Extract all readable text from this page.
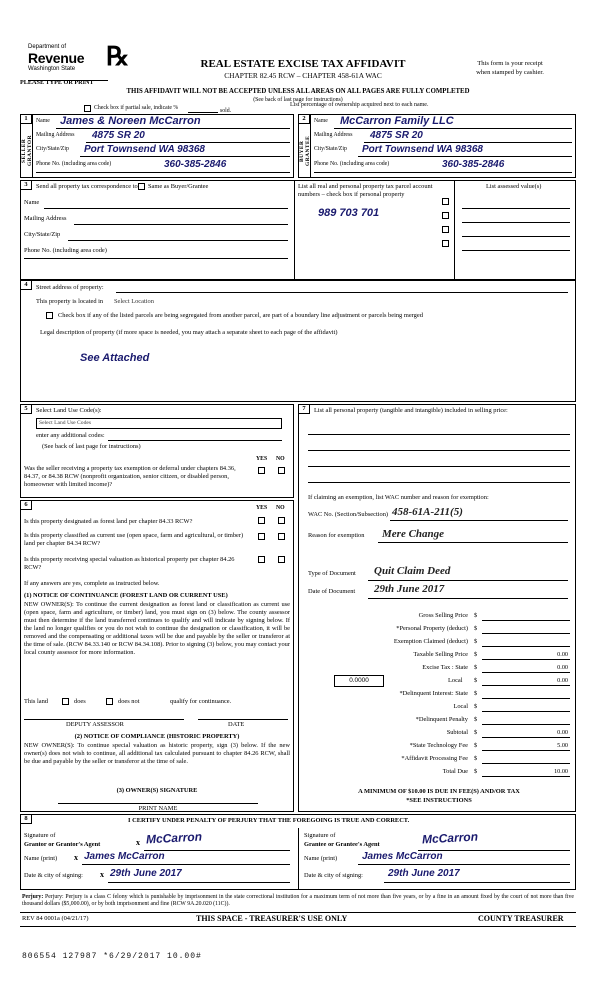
Department of
Revenue
Washington State	℞	REAL ESTATE EXCISE TAX AFFIDAVIT
CHAPTER 82.45 RCW – CHAPTER 458-61A WAC
This form is your receipt
when stamped by cashier.
PLEASE TYPE OR PRINT
THIS AFFIDAVIT WILL NOT BE ACCEPTED UNLESS ALL AREAS ON ALL PAGES ARE FULLY COMPLETED
(See back of last page for instructions)
Check box if partial sale, indicate %	sold.
List percentage of ownership acquired next to each name.
1	2
SELLER GRANTOR	BUYER GRANTEE
Name James & Noreen McCarron
Mailing Address 4875 SR 20
City/State/Zip Port Townsend WA 98368
Phone No. (including area code)	360-385-2846
Name McCarron Family LLC
Mailing Address 4875 SR 20
City/State/Zip Port Townsend WA 98368
Phone No. (including area code)	360-385-2846
3	Send all property tax correspondence to Same as Buyer/Grantee
Name
Mailing Address
City/State/Zip
Phone No. (including area code)
List all real and personal property tax parcel account numbers – check box if personal property
List assessed value(s)
989 703 701
4	Street address of property:
This property is located in Select Location
Check box if any of the listed parcels are being segregated from another parcel, are part of a boundary line adjustment or parcels being merged
Legal description of property (if more space is needed, you may attach a separate sheet to each page of the affidavit)
See Attached
5	Select Land Use Code(s):
Select Land Use Codes
enter any additional codes:
(See back of last page for instructions)
YES NO
Was the seller receiving a property tax exemption or deferral under chapters 84.36, 84.37, or 84.38 RCW (nonprofit organization, senior citizen, or disabled person, homeowner with limited income)?
6	YES NO
Is this property designated as forest land per chapter 84.33 RCW?
Is this property classified as current use (open space, farm and agricultural, or timber) land per chapter 84.34 RCW?
Is this property receiving special valuation as historical property per chapter 84.26 RCW?
If any answers are yes, complete as instructed below.
(1) NOTICE OF CONTINUANCE (FOREST LAND OR CURRENT USE)
NEW OWNER(S): To continue the current designation as forest land or classification as current use (open space, farm and agriculture, or timber) land, you must sign on (3) below. The county assessor must then determine if the land transferred continues to qualify and will indicate by signing below. If the land no longer qualifies or you do not wish to continue the designation or classification, it will be removed and the compensating or additional taxes will be due and payable by the seller or transferor at the time of sale. (RCW 84.33.140 or RCW 84.34.108). Prior to signing (3) below, you may contact your local county assessor for more information.
This land	does	does not	qualify for continuance.
DEPUTY ASSESSOR	DATE
(2) NOTICE OF COMPLIANCE (HISTORIC PROPERTY)
NEW OWNER(S): To continue special valuation as historic property, sign (3) below. If the new owner(s) does not wish to continue, all additional tax calculated pursuant to chapter 84.26 RCW, shall be due and payable by the seller or transferor at the time of sale.
(3) OWNER(S) SIGNATURE
PRINT NAME
7	List all personal property (tangible and intangible) included in selling price:
If claiming an exemption, list WAC number and reason for exemption:
WAC No. (Section/Subsection) 458-61A-211(5)
Reason for exemption Mere Change
Type of Document Quit Claim Deed
Date of Document 29th June 2017
Gross Selling Price $
*Personal Property (deduct) $
Exemption Claimed (deduct) $
Taxable Selling Price $	0.00
Excise Tax : State $	0.00
0.0000	Local $	0.00
*Delinquent Interest: State $
Local $
*Delinquent Penalty $
Subtotal $	0.00
*State Technology Fee $	5.00
*Affidavit Processing Fee $
Total Due $	10.00
A MINIMUM OF $10.00 IS DUE IN FEE(S) AND/OR TAX
*SEE INSTRUCTIONS
8	I CERTIFY UNDER PENALTY OF PERJURY THAT THE FOREGOING IS TRUE AND CORRECT.
Signature of
Grantor or Grantor's Agent	x McCarron
Name (print) x James McCarron
Date & city of signing: x 29th June 2017
Signature of
Grantee or Grantee's Agent	McCarron
Name (print) James McCarron
Date & city of signing:	29th June 2017
Perjury: Perjury: Perjury is a class C felony which is punishable by imprisonment in the state correctional institution for a maximum term of not more than five years, or by a fine in an amount fixed by the court of not more than five thousand dollars ($5,000.00), or by both imprisonment and fine (RCW 9A.20.020 (11C)).
REV 84 0001a (04/21/17)	THIS SPACE - TREASURER'S USE ONLY	COUNTY TREASURER
806554 127987 *6/29/2017 10.00#
